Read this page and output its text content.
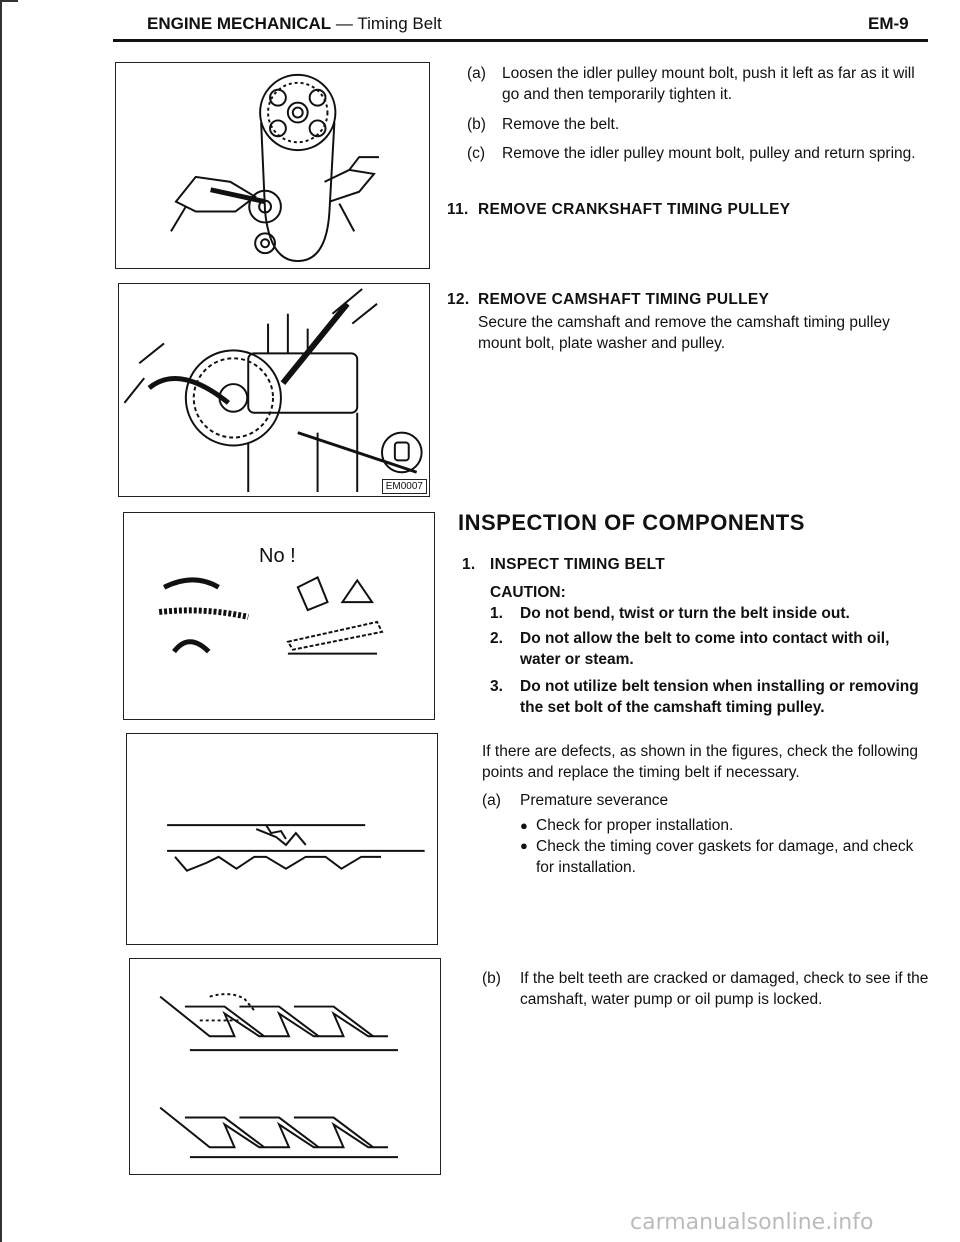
ENGINE MECHANICAL — Timing Belt	EM-9
EM0007
No !
(a) Loosen the idler pulley mount bolt, push it left as far as it will go and then temporarily tighten it.
(b) Remove the belt.
(c) Remove the idler pulley mount bolt, pulley and return spring.
11. REMOVE CRANKSHAFT TIMING PULLEY
12. REMOVE CAMSHAFT TIMING PULLEY
Secure the camshaft and remove the camshaft timing pulley mount bolt, plate washer and pulley.
INSPECTION OF COMPONENTS
1. INSPECT TIMING BELT
CAUTION:
1. Do not bend, twist or turn the belt inside out.
2. Do not allow the belt to come into contact with oil, water or steam.
3. Do not utilize belt tension when installing or removing the set bolt of the camshaft timing pulley.
If there are defects, as shown in the figures, check the following points and replace the timing belt if necessary.
(a) Premature severance
● Check for proper installation.
● Check the timing cover gaskets for damage, and check for installation.
(b) If the belt teeth are cracked or damaged, check to see if the camshaft, water pump or oil pump is locked.
carmanualsonline.info
